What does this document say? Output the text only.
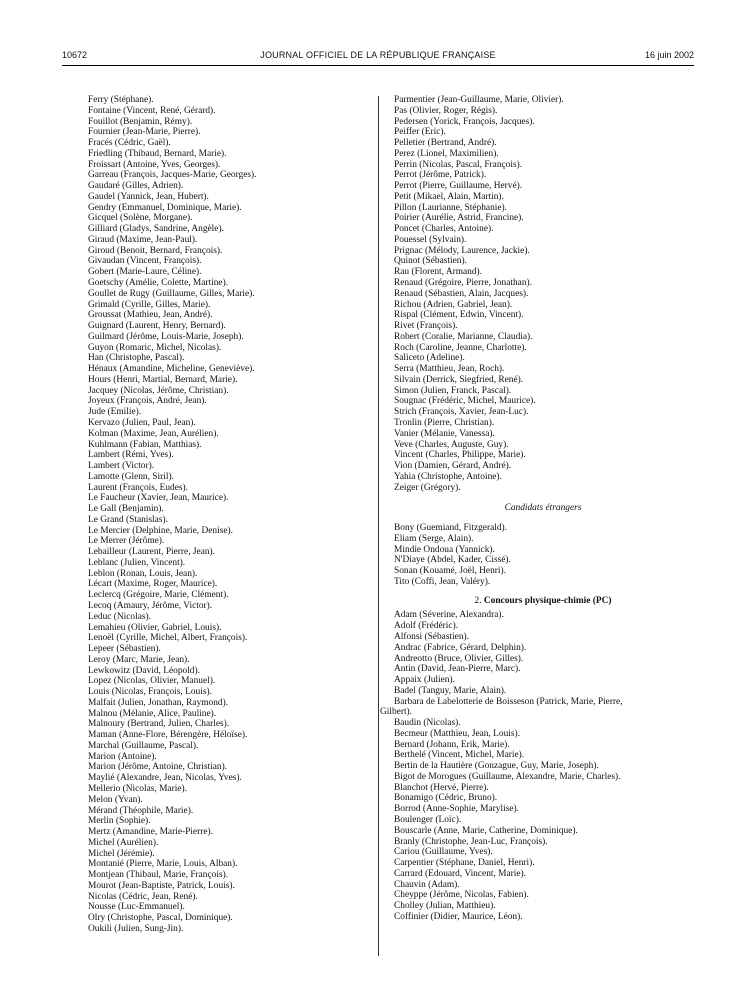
10672	JOURNAL OFFICIEL DE LA RÉPUBLIQUE FRANÇAISE	16 juin 2002
Ferry (Stéphane).
Fontaine (Vincent, René, Gérard).
Fouillot (Benjamin, Rémy).
Fournier (Jean-Marie, Pierre).
Fracés (Cédric, Gaël).
Friedling (Thibaud, Bernard, Marie).
Froissart (Antoine, Yves, Georges).
Garreau (François, Jacques-Marie, Georges).
Gaudaré (Gilles, Adrien).
Gaudel (Yannick, Jean, Hubert).
Gendry (Emmanuel, Dominique, Marie).
Gicquel (Solène, Morgane).
Gilliard (Gladys, Sandrine, Angèle).
Giraud (Maxime, Jean-Paul).
Giroud (Benoit, Bernard, François).
Givaudan (Vincent, François).
Gobert (Marie-Laure, Céline).
Goetschy (Amélie, Colette, Martine).
Goullet de Rugy (Guillaume, Gilles, Marie).
Grimald (Cyrille, Gilles, Marie).
Groussat (Mathieu, Jean, André).
Guignard (Laurent, Henry, Bernard).
Guilmard (Jérôme, Louis-Marie, Joseph).
Guyon (Romaric, Michel, Nicolas).
Han (Christophe, Pascal).
Hénaux (Amandine, Micheline, Geneviève).
Hours (Henri, Martial, Bernard, Marie).
Jacquey (Nicolas, Jérôme, Christian).
Joyeux (François, André, Jean).
Jude (Emilie).
Kervazo (Julien, Paul, Jean).
Kolman (Maxime, Jean, Aurélien).
Kuhlmann (Fabian, Matthias).
Lambert (Rémi, Yves).
Lambert (Victor).
Lamotte (Glenn, Siril).
Laurent (François, Eudes).
Le Faucheur (Xavier, Jean, Maurice).
Le Gall (Benjamin).
Le Grand (Stanislas).
Le Mercier (Delphine, Marie, Denise).
Le Merrer (Jérôme).
Lebailleur (Laurent, Pierre, Jean).
Leblanc (Julien, Vincent).
Leblon (Ronan, Louis, Jean).
Lécart (Maxime, Roger, Maurice).
Leclercq (Grégoire, Marie, Clément).
Lecoq (Amaury, Jérôme, Victor).
Leduc (Nicolas).
Lemahieu (Olivier, Gabriel, Louis).
Lenoël (Cyrille, Michel, Albert, François).
Lepeer (Sébastien).
Leroy (Marc, Marie, Jean).
Lewkowitz (David, Léopold).
Lopez (Nicolas, Olivier, Manuel).
Louis (Nicolas, François, Louis).
Malfait (Julien, Jonathan, Raymond).
Malnou (Mélanie, Alice, Pauline).
Malnoury (Bertrand, Julien, Charles).
Maman (Anne-Flore, Bérengère, Héloïse).
Marchal (Guillaume, Pascal).
Marion (Antoine).
Marion (Jérôme, Antoine, Christian).
Maylié (Alexandre, Jean, Nicolas, Yves).
Mellerio (Nicolas, Marie).
Melon (Yvan).
Mérand (Théophile, Marie).
Merlin (Sophie).
Mertz (Amandine, Marie-Pierre).
Michel (Aurélien).
Michel (Jérémie).
Montanié (Pierre, Marie, Louis, Alban).
Montjean (Thibaul, Marie, François).
Mourot (Jean-Baptiste, Patrick, Louis).
Nicolas (Cédric, Jean, René).
Nousse (Luc-Emmanuel).
Olry (Christophe, Pascal, Dominique).
Oukili (Julien, Sung-Jin).
Parmentier (Jean-Guillaume, Marie, Olivier).
Pas (Olivier, Roger, Régis).
Pedersen (Yorick, François, Jacques).
Peiffer (Eric).
Pelletier (Bertrand, André).
Perez (Lionel, Maximilien).
Perrin (Nicolas, Pascal, François).
Perrot (Jérôme, Patrick).
Perrot (Pierre, Guillaume, Hervé).
Petit (Mikael, Alain, Martin).
Pillon (Laurianne, Stéphanie).
Poirier (Aurélie, Astrid, Francine).
Poncet (Charles, Antoine).
Pouessel (Sylvain).
Prignac (Mélody, Laurence, Jackie).
Quinot (Sébastien).
Rau (Florent, Armand).
Renaud (Grégoire, Pierre, Jonathan).
Renaud (Sébastien, Alain, Jacques).
Richou (Adrien, Gabriel, Jean).
Rispal (Clément, Edwin, Vincent).
Rivet (François).
Robert (Coralie, Marianne, Claudia).
Roch (Caroline, Jeanne, Charlotte).
Saliceto (Adeline).
Serra (Matthieu, Jean, Roch).
Silvain (Derrick, Siegfried, René).
Simon (Julien, Franck, Pascal).
Sougnac (Frédéric, Michel, Maurice).
Strich (François, Xavier, Jean-Luc).
Tronlin (Pierre, Christian).
Vanier (Mélanie, Vanessa).
Veve (Charles, Auguste, Guy).
Vincent (Charles, Philippe, Marie).
Vion (Damien, Gérard, André).
Yahia (Christophe, Antoine).
Zeiger (Grégory).
Candidats étrangers
Bony (Guemiand, Fitzgerald).
Eliam (Serge, Alain).
Mindie Ondoua (Yannick).
N'Diaye (Abdel, Kader, Cissé).
Sonan (Kouamé, Joël, Henri).
Tito (Coffi, Jean, Valéry).
2. Concours physique-chimie (PC)
Adam (Séverine, Alexandra).
Adolf (Frédéric).
Alfonsi (Sébastien).
Andrac (Fabrice, Gérard, Delphin).
Andreotto (Bruce, Olivier, Gilles).
Antin (David, Jean-Pierre, Marc).
Appaix (Julien).
Badel (Tanguy, Marie, Alain).
Barbara de Labelotterie de Boisseson (Patrick, Marie, Pierre,
Gilbert).
Baudin (Nicolas).
Becmeur (Matthieu, Jean, Louis).
Bernard (Johann, Erik, Marie).
Berthelé (Vincent, Michel, Marie).
Bertin de la Hautière (Gonzague, Guy, Marie, Joseph).
Bigot de Morogues (Guillaume, Alexandre, Marie, Charles).
Blanchot (Hervé, Pierre).
Bonamigo (Cédric, Bruno).
Borrod (Anne-Sophie, Marylise).
Boulenger (Loïc).
Bouscarle (Anne, Marie, Catherine, Dominique).
Branly (Christophe, Jean-Luc, François).
Cariou (Guillaume, Yves).
Carpentier (Stéphane, Daniel, Henri).
Carrard (Edouard, Vincent, Marie).
Chauvin (Adam).
Cheyppe (Jérôme, Nicolas, Fabien).
Cholley (Julian, Matthieu).
Coffinier (Didier, Maurice, Léon).
